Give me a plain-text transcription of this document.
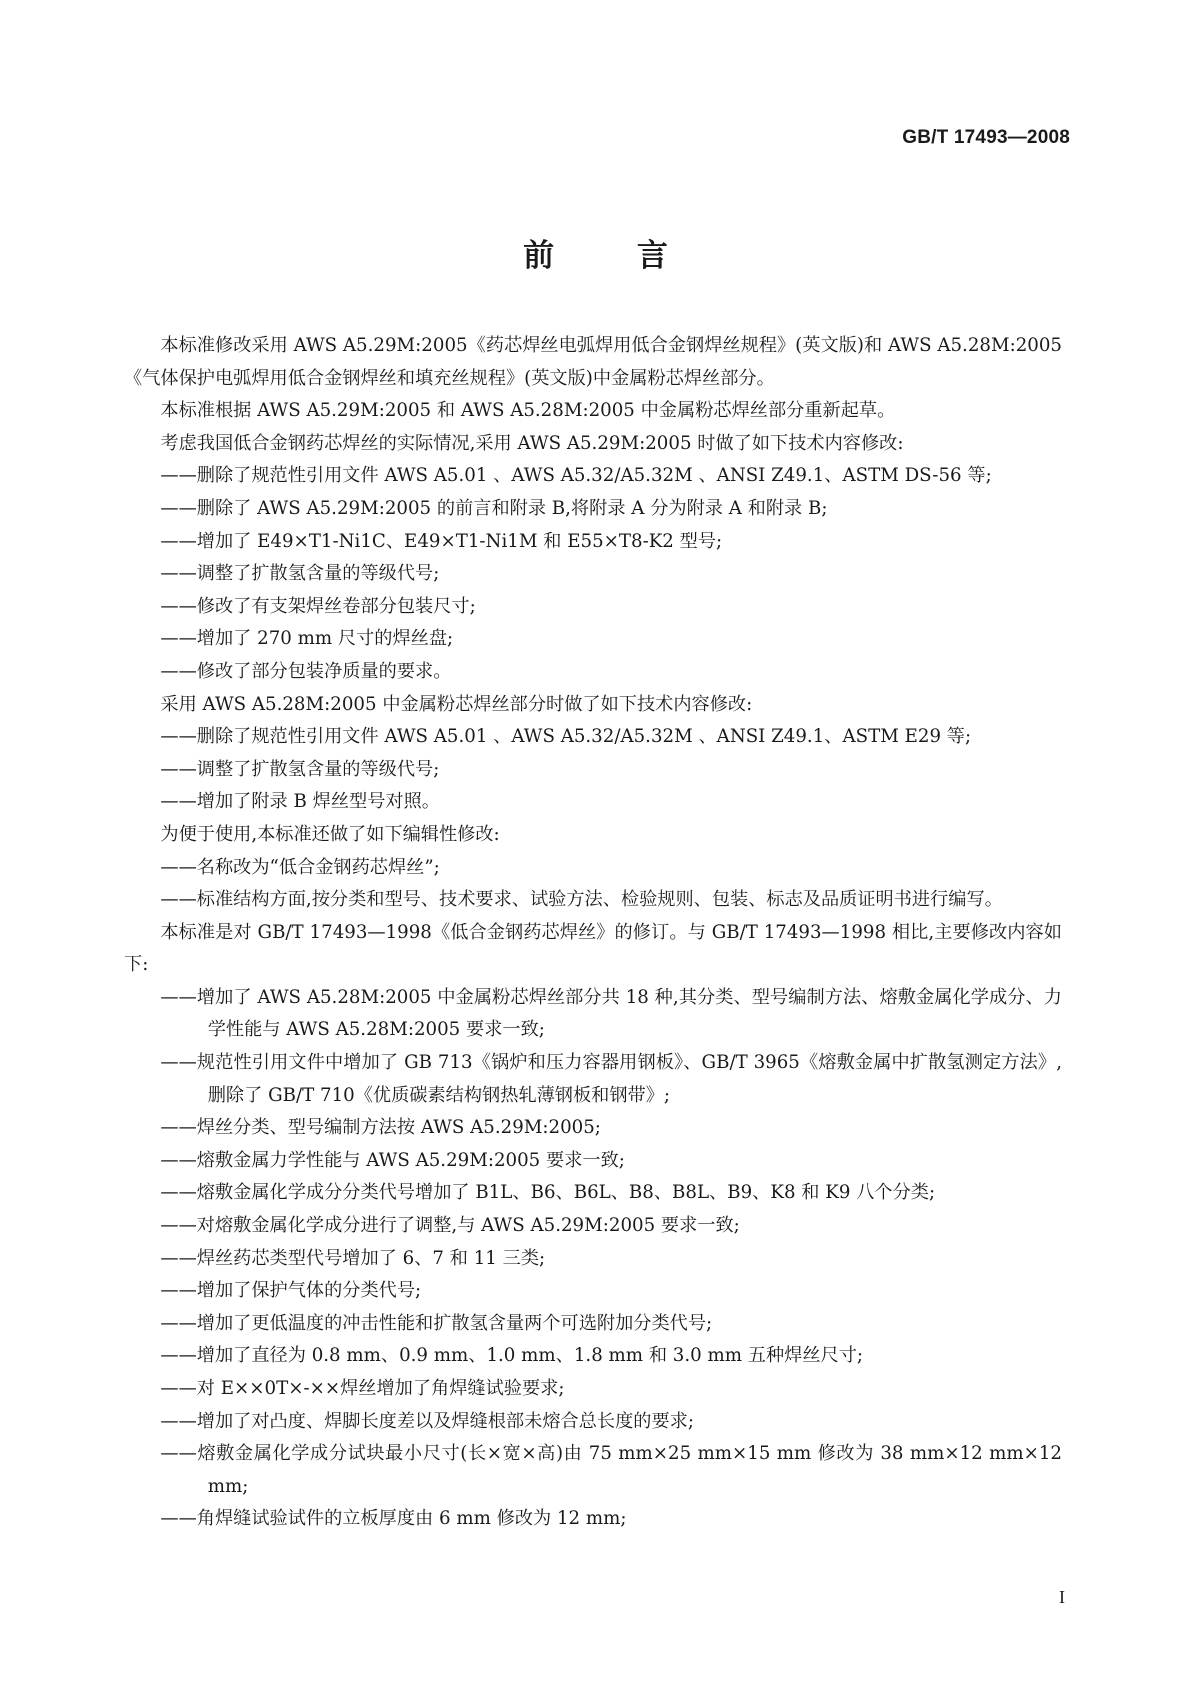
GB/T 17493—2008
前 言

本标准修改采用 AWS A5.29M:2005《药芯焊丝电弧焊用低合金钢焊丝规程》(英文版)和 AWS A5.28M:2005《气体保护电弧焊用低合金钢焊丝和填充丝规程》(英文版)中金属粉芯焊丝部分。

本标准根据 AWS A5.29M:2005 和 AWS A5.28M:2005 中金属粉芯焊丝部分重新起草。

考虑我国低合金钢药芯焊丝的实际情况,采用 AWS A5.29M:2005 时做了如下技术内容修改:

——删除了规范性引用文件 AWS A5.01 、AWS A5.32/A5.32M 、ANSI Z49.1、ASTM DS-56 等;

——删除了 AWS A5.29M:2005 的前言和附录 B,将附录 A 分为附录 A 和附录 B;

——增加了 E49×T1-Ni1C、E49×T1-Ni1M 和 E55×T8-K2 型号;

——调整了扩散氢含量的等级代号;

——修改了有支架焊丝卷部分包装尺寸;

——增加了 270 mm 尺寸的焊丝盘;

——修改了部分包装净质量的要求。

采用 AWS A5.28M:2005 中金属粉芯焊丝部分时做了如下技术内容修改:

——删除了规范性引用文件 AWS A5.01 、AWS A5.32/A5.32M 、ANSI Z49.1、ASTM E29 等;

——调整了扩散氢含量的等级代号;

——增加了附录 B 焊丝型号对照。

为便于使用,本标准还做了如下编辑性修改:

——名称改为“低合金钢药芯焊丝”;

——标准结构方面,按分类和型号、技术要求、试验方法、检验规则、包装、标志及品质证明书进行编写。

本标准是对 GB/T 17493—1998《低合金钢药芯焊丝》的修订。与 GB/T 17493—1998 相比,主要修改内容如下:

——增加了 AWS A5.28M:2005 中金属粉芯焊丝部分共 18 种,其分类、型号编制方法、熔敷金属化学成分、力学性能与 AWS A5.28M:2005 要求一致;

——规范性引用文件中增加了 GB 713《锅炉和压力容器用钢板》、GB/T 3965《熔敷金属中扩散氢测定方法》,删除了 GB/T 710《优质碳素结构钢热轧薄钢板和钢带》;

——焊丝分类、型号编制方法按 AWS A5.29M:2005;

——熔敷金属力学性能与 AWS A5.29M:2005 要求一致;

——熔敷金属化学成分分类代号增加了 B1L、B6、B6L、B8、B8L、B9、K8 和 K9 八个分类;

——对熔敷金属化学成分进行了调整,与 AWS A5.29M:2005 要求一致;

——焊丝药芯类型代号增加了 6、7 和 11 三类;

——增加了保护气体的分类代号;

——增加了更低温度的冲击性能和扩散氢含量两个可选附加分类代号;

——增加了直径为 0.8 mm、0.9 mm、1.0 mm、1.8 mm 和 3.0 mm 五种焊丝尺寸;

——对 E××0T×-××焊丝增加了角焊缝试验要求;

——增加了对凸度、焊脚长度差以及焊缝根部未熔合总长度的要求;

——熔敷金属化学成分试块最小尺寸(长×宽×高)由 75 mm×25 mm×15 mm 修改为 38 mm×12 mm×12 mm;

——角焊缝试验试件的立板厚度由 6 mm 修改为 12 mm;

I
